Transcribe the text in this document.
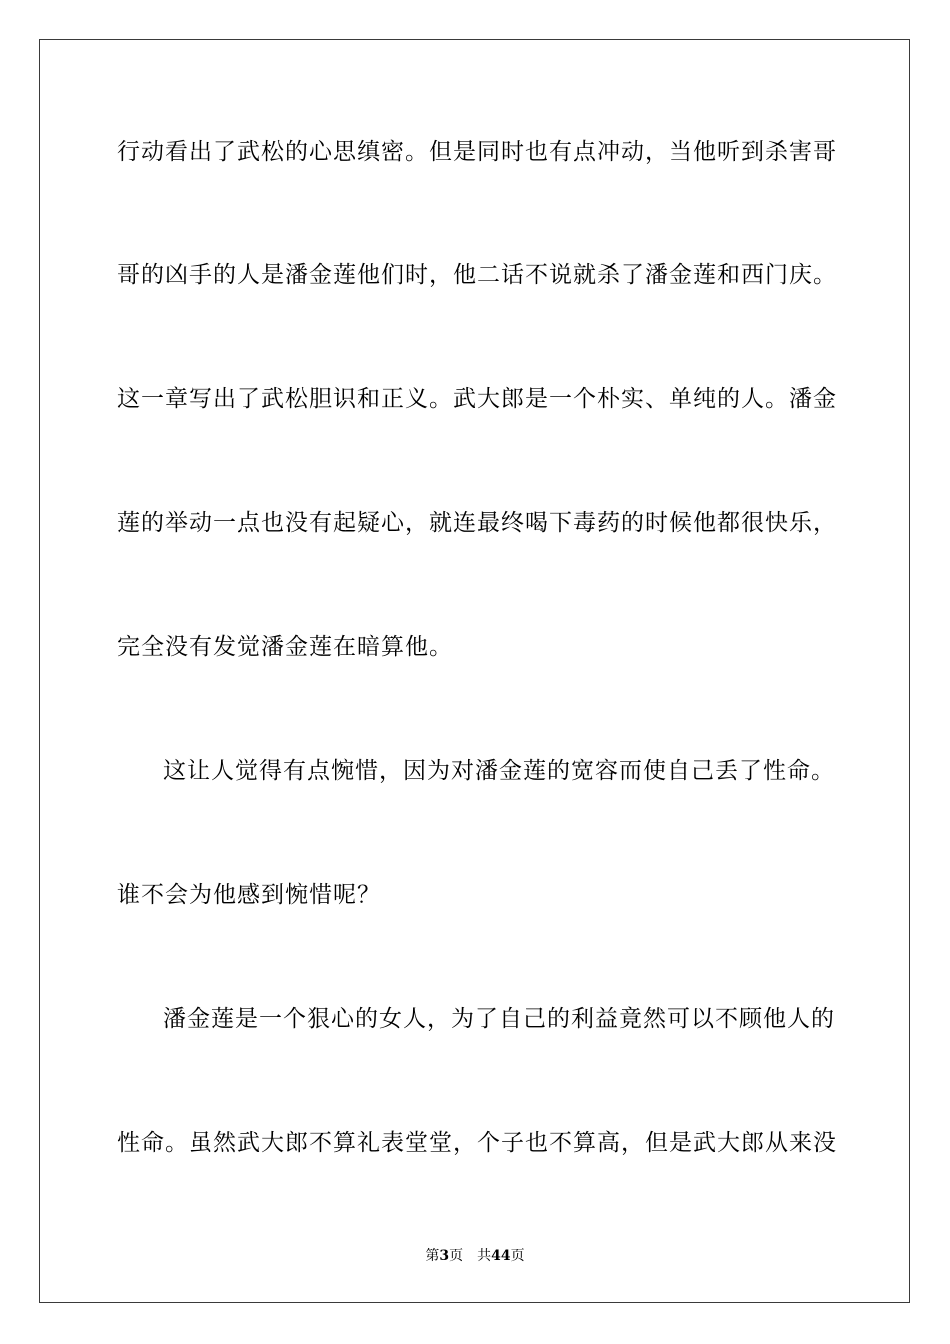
行动看出了武松的心思缜密。但是同时也有点冲动，当他听到杀害哥
哥的凶手的人是潘金莲他们时，他二话不说就杀了潘金莲和西门庆。
这一章写出了武松胆识和正义。武大郎是一个朴实、单纯的人。潘金
莲的举动一点也没有起疑心，就连最终喝下毒药的时候他都很快乐，
完全没有发觉潘金莲在暗算他。
这让人觉得有点惋惜，因为对潘金莲的宽容而使自己丢了性命。
谁不会为他感到惋惜呢？
潘金莲是一个狠心的女人，为了自己的利益竟然可以不顾他人的
性命。虽然武大郎不算礼表堂堂，个子也不算高，但是武大郎从来没
第3页 共44页
